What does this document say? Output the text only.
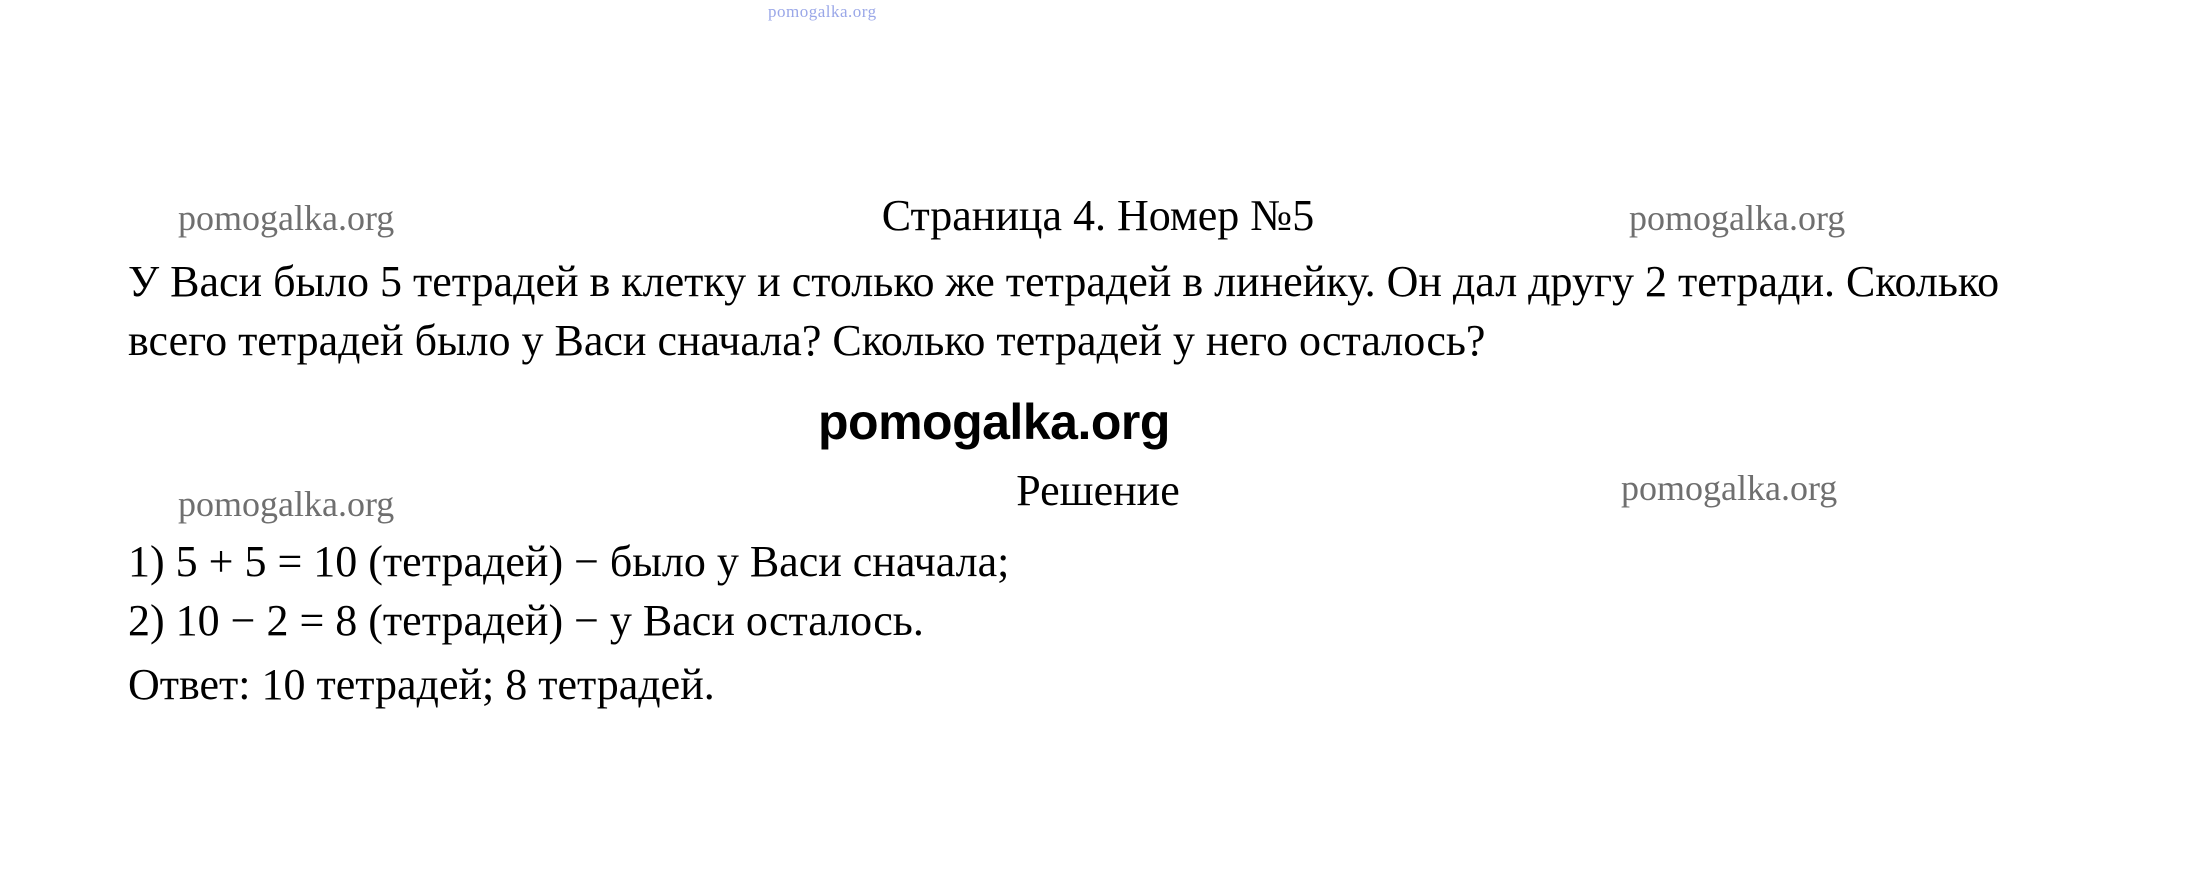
pomogalka.org
pomogalka.org	pomogalka.org
pomogalka.org	pomogalka.org
Страница 4. Номер №5
У Васи было 5 тетрадей в клетку и столько же тетрадей в линейку. Он дал другу 2 тетради. Сколько всего тетрадей было у Васи сначала? Сколько тетрадей у него осталось?
pomogalka.org
Решение
1) 5 + 5 = 10 (тетрадей) − было у Васи сначала;
2) 10 − 2 = 8 (тетрадей) − у Васи осталось.
Ответ: 10 тетрадей; 8 тетрадей.
